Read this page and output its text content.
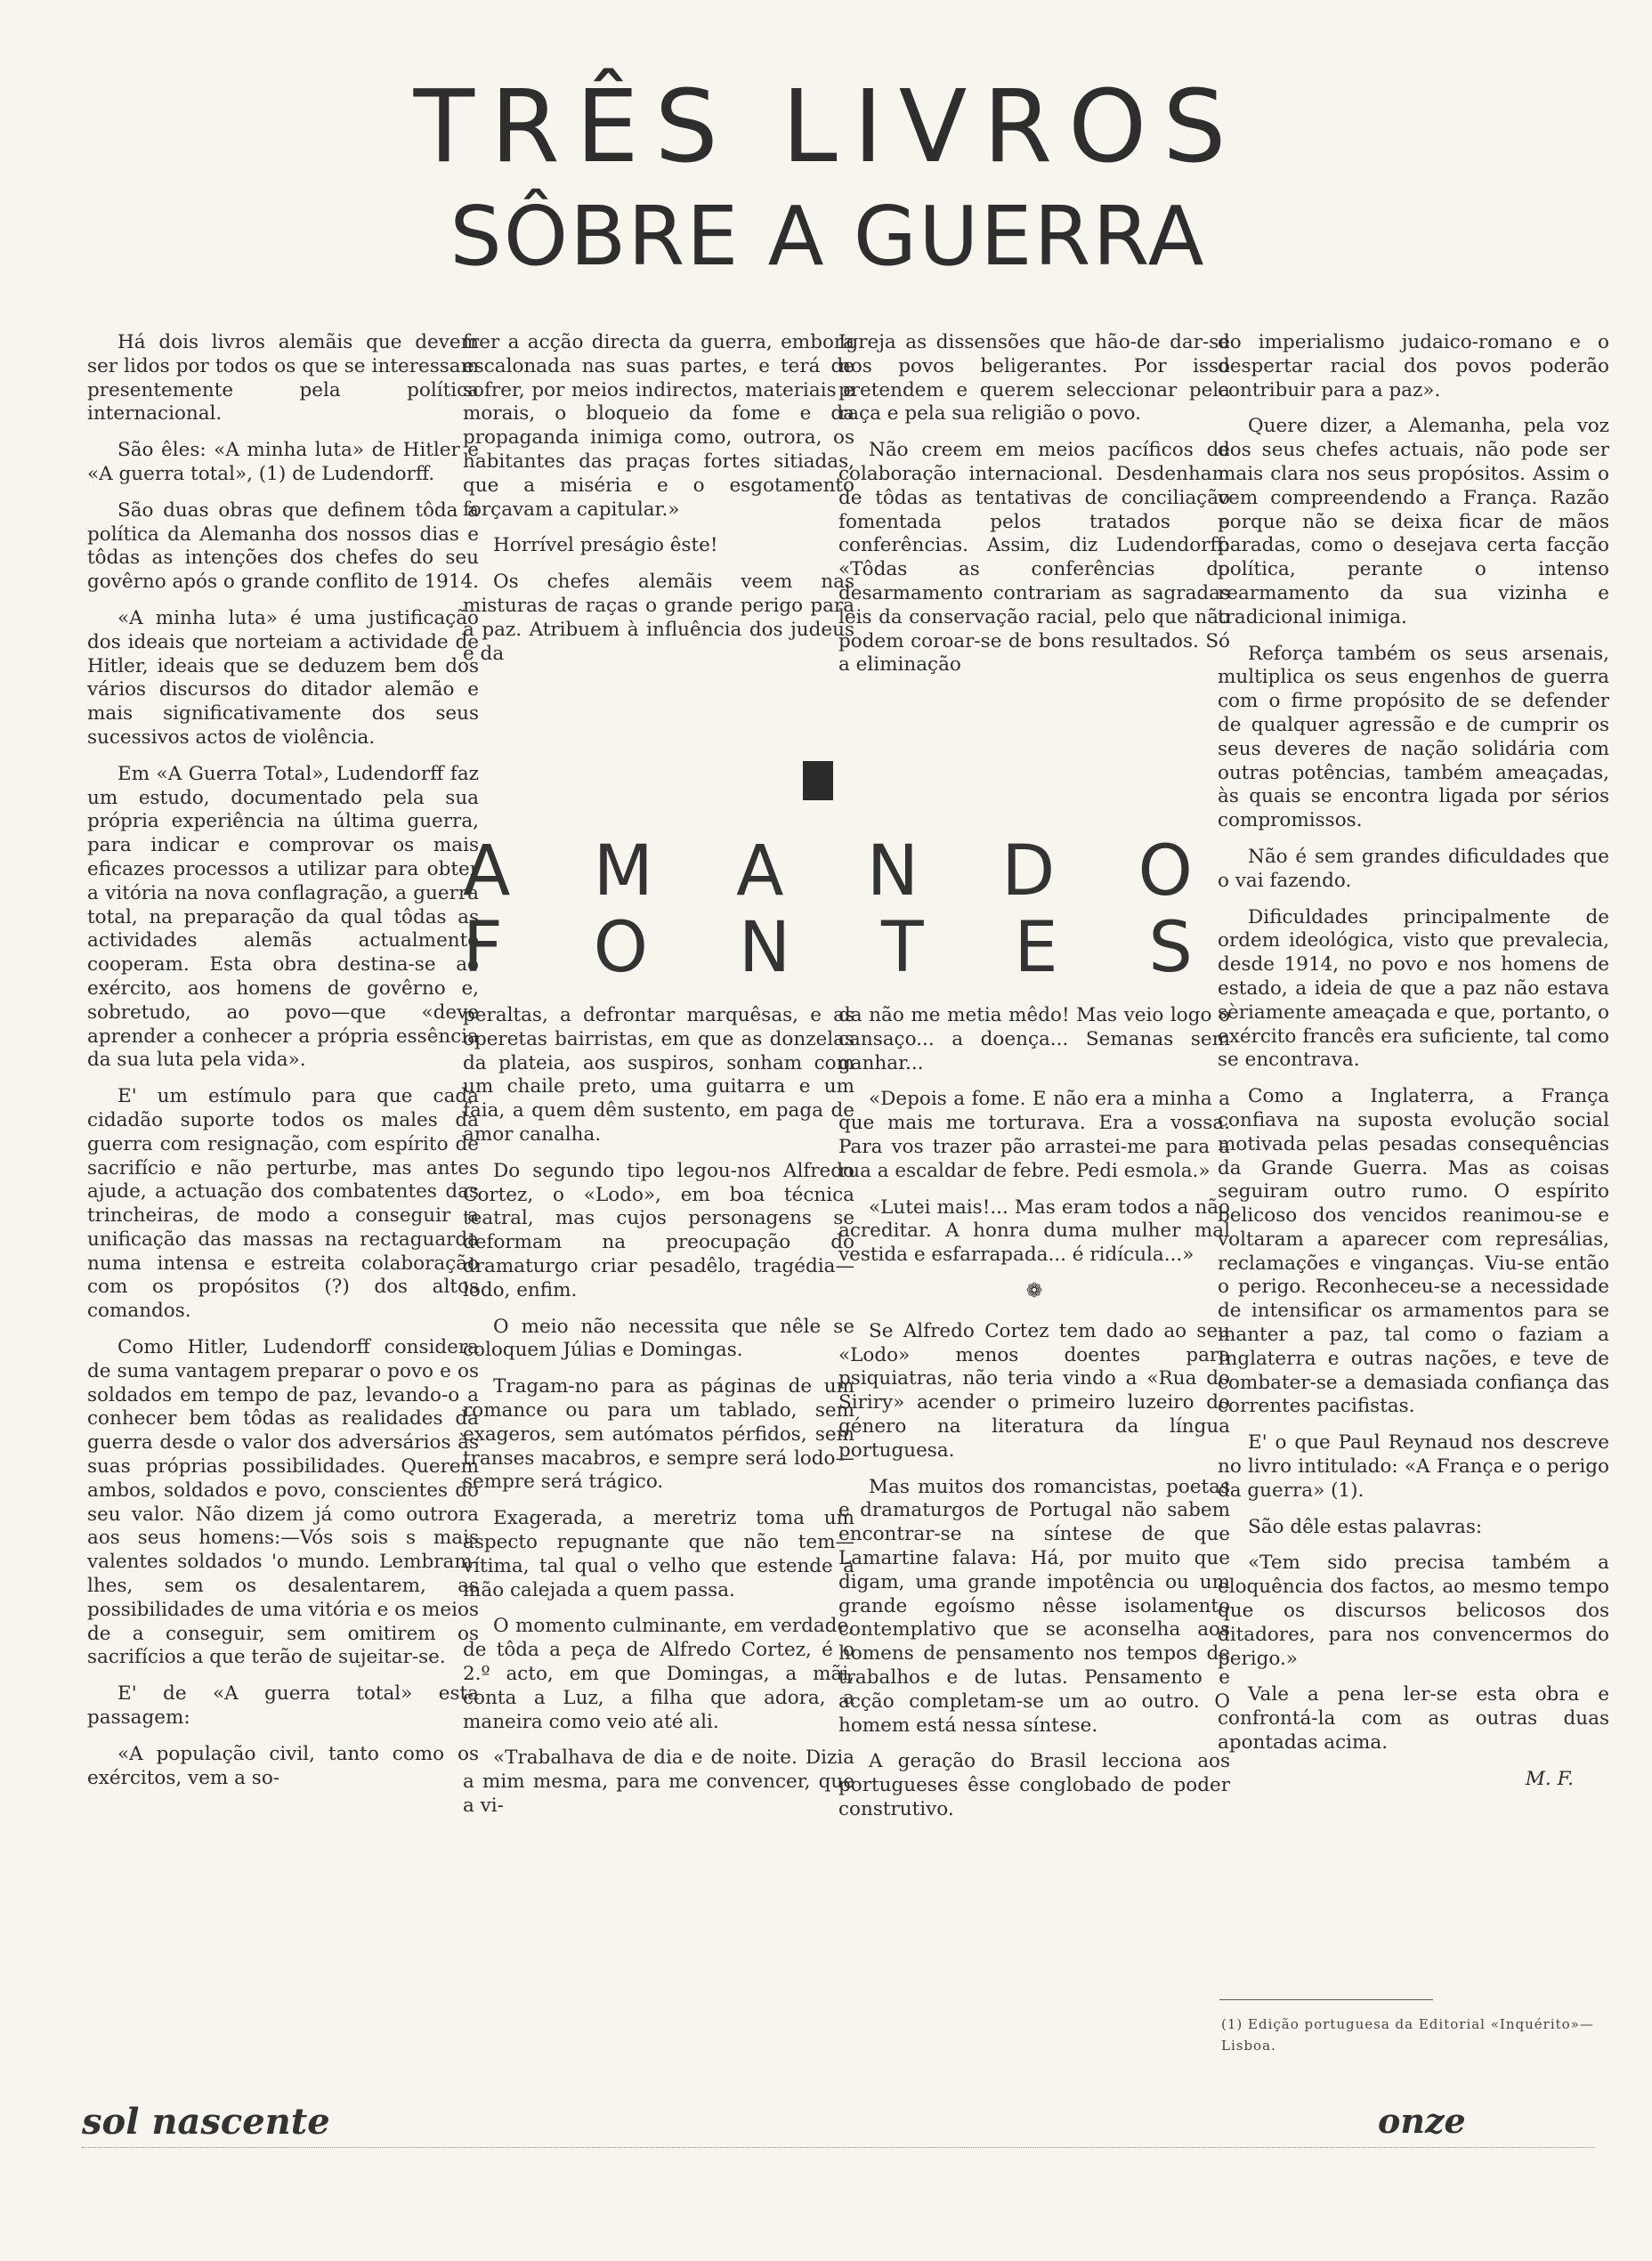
TRÊS LIVROS
SÔBRE A GUERRA

Há dois livros alemãis que devem ser lidos por todos os que se interessam presentemente pela política internacional.

São êles: «A minha luta» de Hitler e «A guerra total», (1) de Ludendorff.

São duas obras que definem tôda a política da Alemanha dos nossos dias e tôdas as intenções dos chefes do seu govêrno após o grande conflito de 1914.

«A minha luta» é uma justificação dos ideais que norteiam a actividade de Hitler, ideais que se deduzem bem dos vários discursos do ditador alemão e mais significativamente dos seus sucessivos actos de violência.

Em «A Guerra Total», Ludendorff faz um estudo, documentado pela sua própria experiência na última guerra, para indicar e comprovar os mais eficazes processos a utilizar para obter a vitória na nova conflagração, a guerra total, na preparação da qual tôdas as actividades alemãs actualmente cooperam. Esta obra destina-se ao exército, aos homens de govêrno e, sobretudo, ao povo—que «deve aprender a conhecer a própria essência da sua luta pela vida».

E' um estímulo para que cada cidadão suporte todos os males da guerra com resignação, com espírito de sacrifício e não perturbe, mas antes ajude, a actuação dos combatentes das trincheiras, de modo a conseguir a unificação das massas na rectaguarda numa intensa e estreita colaboração com os propósitos (?) dos altos comandos.

Como Hitler, Ludendorff considera de suma vantagem preparar o povo e os soldados em tempo de paz, levando-o a conhecer bem tôdas as realidades da guerra desde o valor dos adversários às suas próprias possibilidades. Querem ambos, soldados e povo, conscientes do seu valor. Não dizem já como outrora aos seus homens:—Vós sois s mais valentes soldados 'o mundo. Lembram-lhes, sem os desalentarem, as possibilidades de uma vitória e os meios de a conseguir, sem omitirem os sacrifícios a que terão de sujeitar-se.

E' de «A guerra total» esta passagem:

«A população civil, tanto como os exércitos, vem a so-

frer a acção directa da guerra, embora escalonada nas suas partes, e terá de sofrer, por meios indirectos, materiais e morais, o bloqueio da fome e da propaganda inimiga como, outrora, os habitantes das praças fortes sitiadas, que a miséria e o esgotamento forçavam a capitular.»

Horrível preságio êste!

Os chefes alemãis veem nas misturas de raças o grande perigo para a paz. Atribuem à influência dos judeus e da

Igreja as dissensões que hão-de dar-se nos povos beligerantes. Por isso pretendem e querem seleccionar pela raça e pela sua religião o povo.

Não creem em meios pacíficos de colaboração internacional. Desdenham de tôdas as tentativas de conciliação fomentada pelos tratados e conferências. Assim, diz Ludendorff: «Tôdas as conferências do desarmamento contrariam as sagradas leis da conservação racial, pelo que não podem coroar-se de bons resultados. Só a eliminação

do imperialismo judaico-romano e o despertar racial dos povos poderão contribuir para a paz».

Quere dizer, a Alemanha, pela voz dos seus chefes actuais, não pode ser mais clara nos seus propósitos. Assim o vem compreendendo a França. Razão porque não se deixa ficar de mãos paradas, como o desejava certa facção política, perante o intenso rearmamento da sua vizinha e tradicional inimiga.

Reforça também os seus arsenais, multiplica os seus engenhos de guerra com o firme propósito de se defender de qualquer agressão e de cumprir os seus deveres de nação solidária com outras potências, também ameaçadas, às quais se encontra ligada por sérios compromissos.

Não é sem grandes dificuldades que o vai fazendo.

Dificuldades principalmente de ordem ideológica, visto que prevalecia, desde 1914, no povo e nos homens de estado, a ideia de que a paz não estava sèriamente ameaçada e que, portanto, o exército francês era suficiente, tal como se encontrava.

Como a Inglaterra, a França confiava na suposta evolução social motivada pelas pesadas consequências da Grande Guerra. Mas as coisas seguiram outro rumo. O espírito belicoso dos vencidos reanimou-se e voltaram a aparecer com represálias, reclamações e vinganças. Viu-se então o perigo. Reconheceu-se a necessidade de intensificar os armamentos para se manter a paz, tal como o faziam a Inglaterra e outras nações, e teve de combater-se a demasiada confiança das correntes pacifistas.

E' o que Paul Reynaud nos descreve no livro intitulado: «A França e o perigo da guerra» (1).

São dêle estas palavras:

«Tem sido precisa também a eloquência dos factos, ao mesmo tempo que os discursos belicosos dos ditadores, para nos convencermos do perigo.»

Vale a pena ler-se esta obra e confrontá-la com as outras duas apontadas acima.

M. F.

A M A N D O
F O N T E S

peraltas, a defrontar marquêsas, e as operetas bairristas, em que as donzelas da plateia, aos suspiros, sonham com um chaile preto, uma guitarra e um faia, a quem dêm sustento, em paga de amor canalha.

Do segundo tipo legou-nos Alfredo Cortez, o «Lodo», em boa técnica teatral, mas cujos personagens se deformam na preocupação do dramaturgo criar pesadêlo, tragédia—lodo, enfim.

O meio não necessita que nêle se coloquem Júlias e Domingas.

Tragam-no para as páginas de um romance ou para um tablado, sem exageros, sem autómatos pérfidos, sem transes macabros, e sempre será lodo—sempre será trágico.

Exagerada, a meretriz toma um aspecto repugnante que não tem—vítima, tal qual o velho que estende a mão calejada a quem passa.

O momento culminante, em verdade, de tôda a peça de Alfredo Cortez, é o 2.º acto, em que Domingas, a mãi, conta a Luz, a filha que adora, a maneira como veio até ali.

«Trabalhava de dia e de noite. Dizia a mim mesma, para me convencer, que a vi-

da não me metia mêdo! Mas veio logo o cansaço... a doença... Semanas sem ganhar...

«Depois a fome. E não era a minha a que mais me torturava. Era a vossa. Para vos trazer pão arrastei-me para a rua a escaldar de febre. Pedi esmola.»

«Lutei mais!... Mas eram todos a não acreditar. A honra duma mulher mal vestida e esfarrapada... é ridícula...»

❁

Se Alfredo Cortez tem dado ao seu «Lodo» menos doentes para psiquiatras, não teria vindo a «Rua do Siriry» acender o primeiro luzeiro do género na literatura da língua portuguesa.

Mas muitos dos romancistas, poetas e dramaturgos de Portugal não sabem encontrar-se na síntese de que Lamartine falava: Há, por muito que digam, uma grande impotência ou um grande egoísmo nêsse isolamento contemplativo que se aconselha aos homens de pensamento nos tempos de trabalhos e de lutas. Pensamento e acção completam-se um ao outro. O homem está nessa síntese.

A geração do Brasil lecciona aos portugueses êsse conglobado de poder construtivo.

(1) Edição portuguesa da Editorial «Inquérito»—Lisboa.
sol nascente	onze
